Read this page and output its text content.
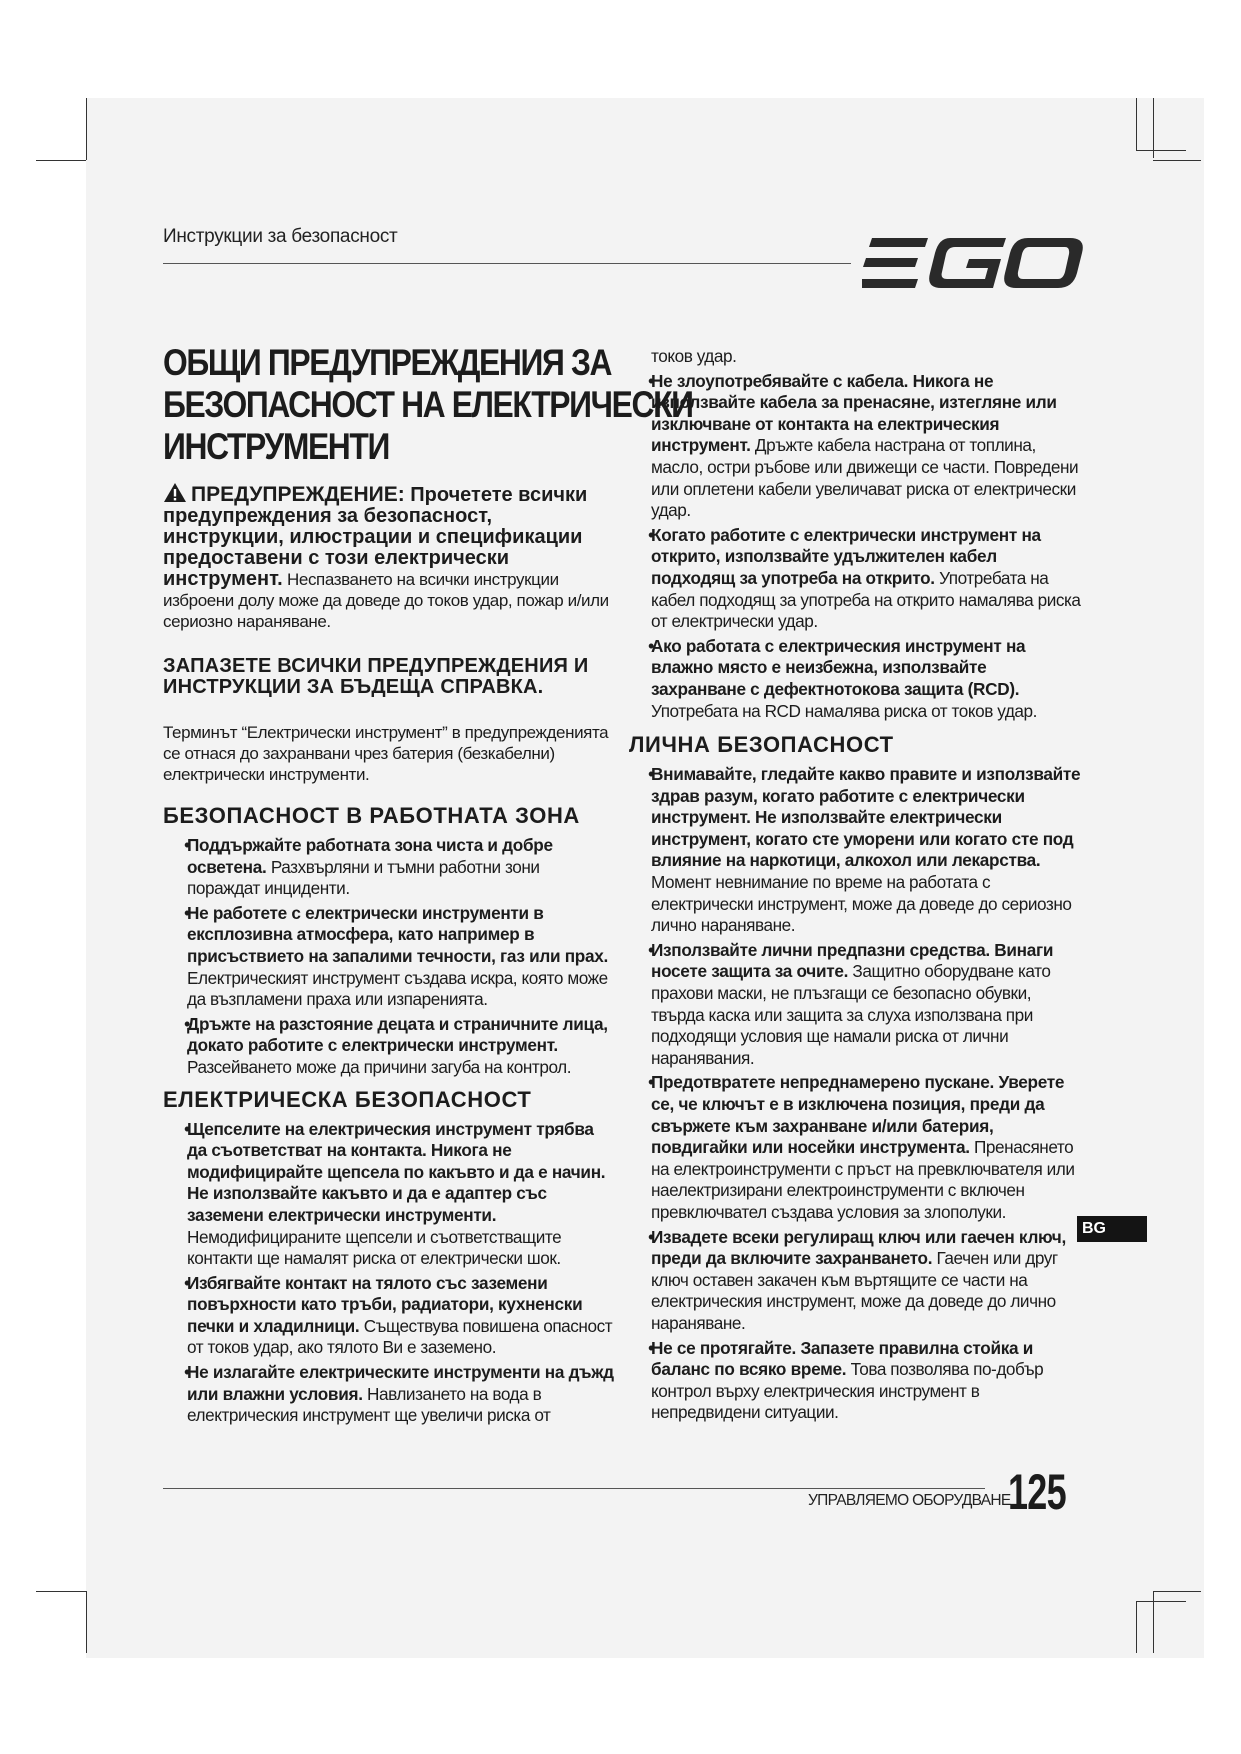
Инструкции за безопасност
ОБЩИ ПРЕДУПРЕЖДЕНИЯ ЗА
БЕЗОПАСНОСТ НА ЕЛЕКТРИЧЕСКИ
ИНСТРУМЕНТИ

ПРЕДУПРЕЖДЕНИЕ: Прочетете всички предупреждения за безопасност, инструкции, илюстрации и спецификации предоставени с този електрически инструмент. Неспазването на всички инструкции изброени долу може да доведе до токов удар, пожар и/или сериозно нараняване.

ЗАПАЗЕТЕ ВСИЧКИ ПРЕДУПРЕЖДЕНИЯ И ИНСТРУКЦИИ ЗА БЪДЕЩА СПРАВКА.

Терминът “Електрически инструмент” в предупрежденията се отнася до захранвани чрез батерия (безкабелни) електрически инструменти.

БЕЗОПАСНОСТ В РАБОТНАТА ЗОНА
• Поддържайте работната зона чиста и добре осветена. Разхвърляни и тъмни работни зони пораждат инциденти.
• Не работете с електрически инструменти в експлозивна атмосфера, като например в присъствието на запалими течности, газ или прах. Електрическият инструмент създава искра, която може да възпламени праха или изпаренията.
• Дръжте на разстояние децата и страничните лица, докато работите с електрически инструмент. Разсейването може да причини загуба на контрол.
ЕЛЕКТРИЧЕСКА БЕЗОПАСНОСТ
• Щепселите на електрическия инструмент трябва да съответстват на контакта. Никога не модифицирайте щепсела по какъвто и да е начин. Не използвайте какъвто и да е адаптер със заземени електрически инструменти. Немодифицираните щепсели и съответстващите контакти ще намалят риска от електрически шок.
• Избягвайте контакт на тялото със заземени повърхности като тръби, радиатори, кухненски печки и хладилници. Съществува повишена опасност от токов удар, ако тялото Ви е заземено.
• Не излагайте електрическите инструменти на дъжд или влажни условия. Навлизането на вода в електрическия инструмент ще увеличи риска от

токов удар.

• Не злоупотребявайте с кабела. Никога не използвайте кабела за пренасяне, изтегляне или изключване от контакта на електрическия инструмент. Дръжте кабела настрана от топлина, масло, остри ръбове или движещи се части. Повредени или оплетени кабели увеличават риска от електрически удар.
• Когато работите с електрически инструмент на открито, използвайте удължителен кабел подходящ за употреба на открито. Употребата на кабел подходящ за употреба на открито намалява риска от електрически удар.
• Ако работата с електрическия инструмент на влажно място е неизбежна, използвайте захранване с дефектнотокова защита (RCD). Употребата на RCD намалява риска от токов удар.
ЛИЧНА БЕЗОПАСНОСТ
• Внимавайте, гледайте какво правите и използвайте здрав разум, когато работите с електрически инструмент. Не използвайте електрически инструмент, когато сте уморени или когато сте под влияние на наркотици, алкохол или лекарства. Момент невнимание по време на работата с електрически инструмент, може да доведе до сериозно лично нараняване.
• Използвайте лични предпазни средства. Винаги носете защита за очите. Защитно оборудване като прахови маски, не плъзгащи се безопасно обувки, твърда каска или защита за слуха използвана при подходящи условия ще намали риска от лични наранявания.
• Предотвратете непреднамерено пускане. Уверете се, че ключът е в изключена позиция, преди да свържете към захранване и/или батерия, повдигайки или носейки инструмента. Пренасянето на електроинструменти с пръст на превключвателя или наелектризирани електроинструменти с включен превключвател създава условия за злополуки.
• Извадете всеки регулиращ ключ или гаечен ключ, преди да включите захранването. Гаечен или друг ключ оставен закачен към въртящите се части на електрическия инструмент, може да доведе до лично нараняване.
• Не се протягайте. Запазете правилна стойка и баланс по всяко време. Това позволява по-добър контрол върху електрическия инструмент в непредвидени ситуации.
BG
УПРАВЛЯЕМО ОБОРУДВАНЕ
125
